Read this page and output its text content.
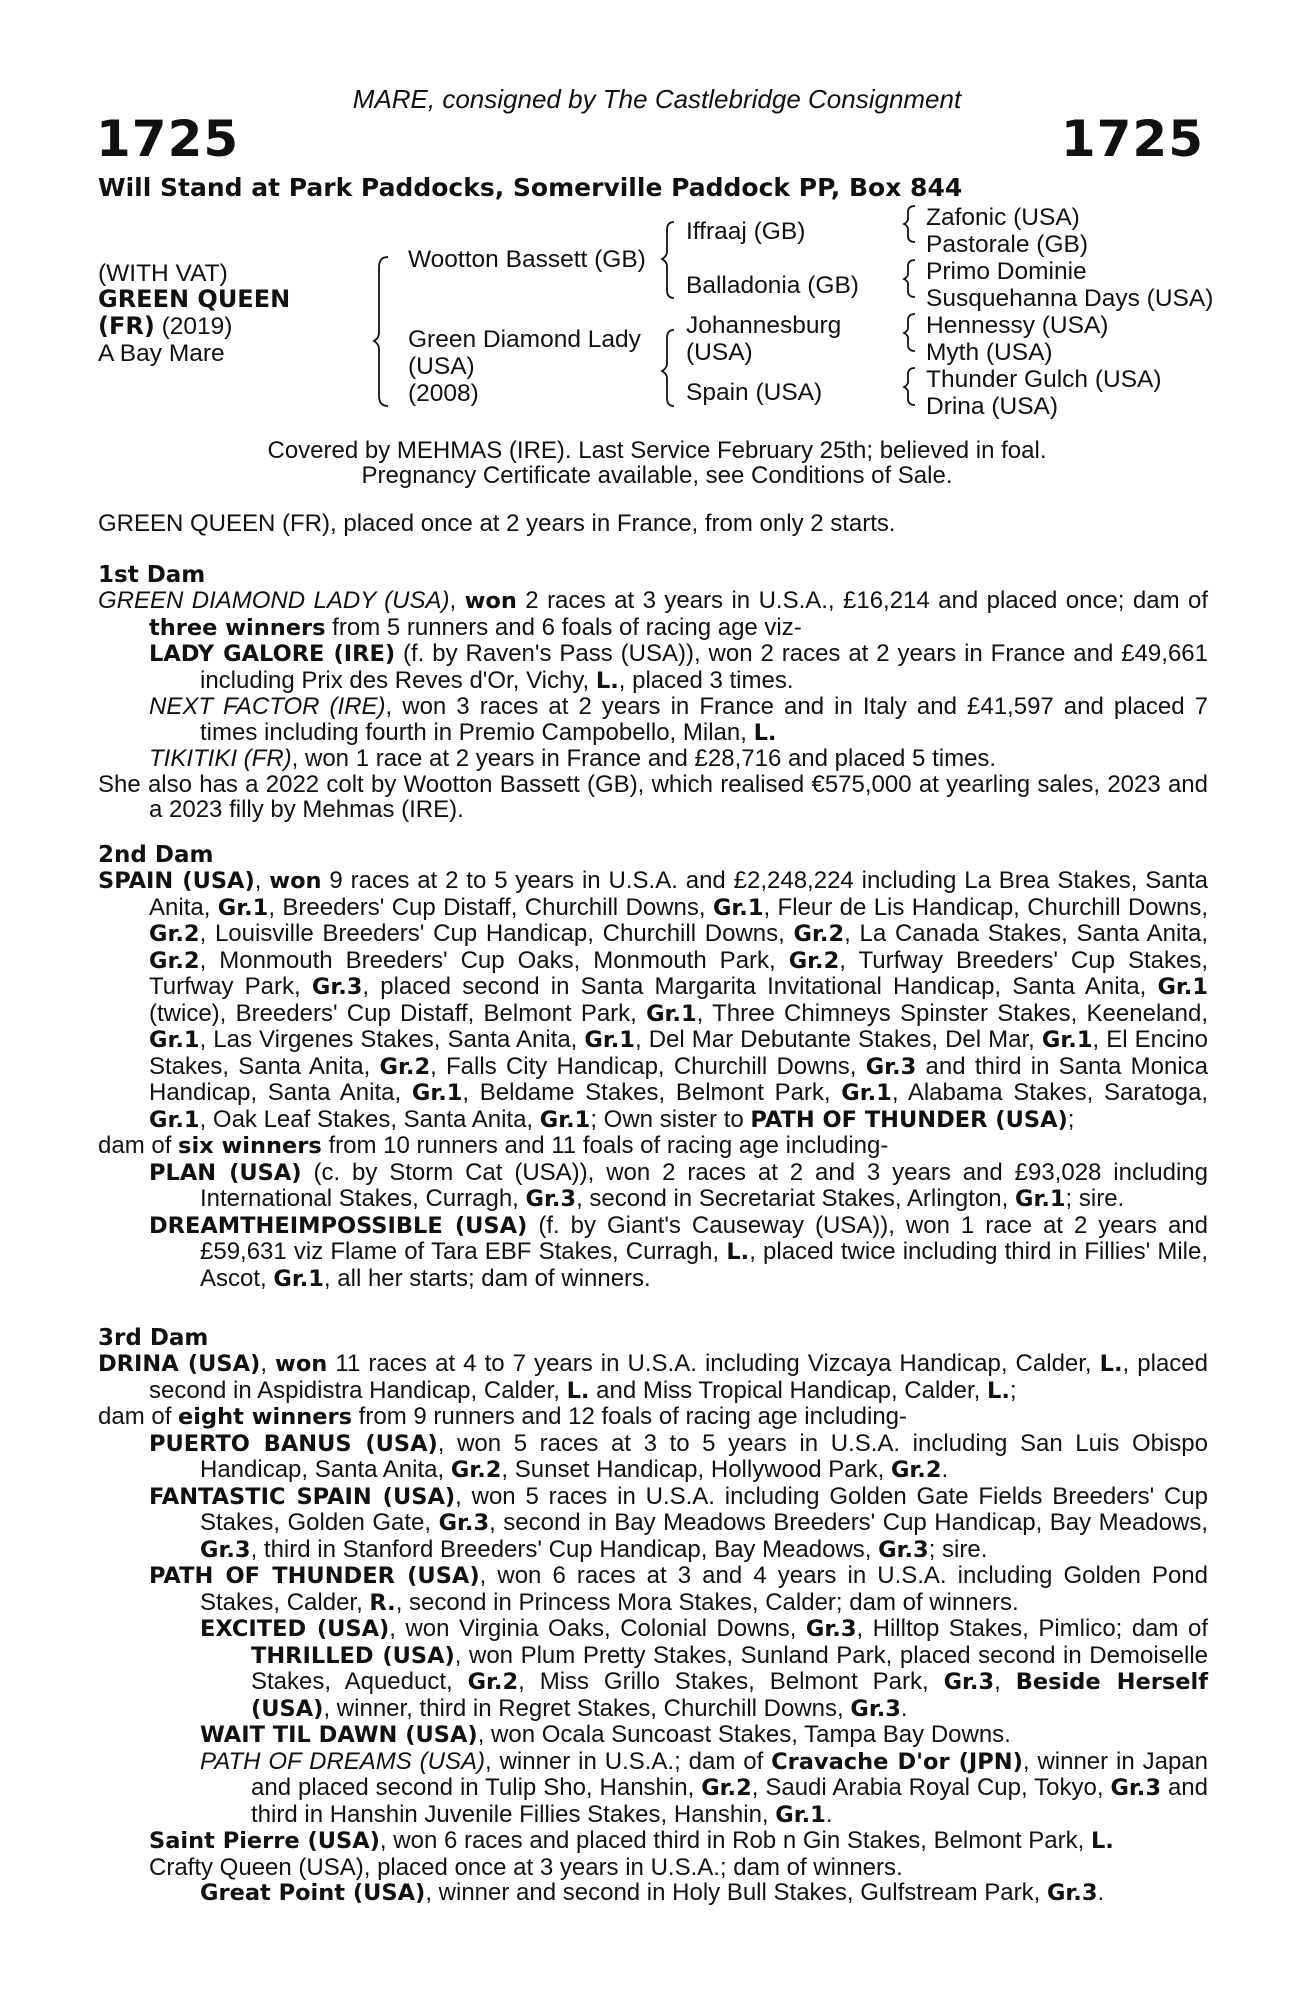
MARE, consigned by The Castlebridge Consignment
1725	1725
Will Stand at Park Paddocks, Somerville Paddock PP, Box 844
(WITH VAT)
GREEN QUEEN
(FR) (2019)
A Bay Mare
Wootton Bassett (GB)
Green Diamond Lady
(USA)
(2008)
Iffraaj (GB)
Balladonia (GB)
Johannesburg
(USA)
Spain (USA)
Zafonic (USA)
Pastorale (GB)
Primo Dominie
Susquehanna Days (USA)
Hennessy (USA)
Myth (USA)
Thunder Gulch (USA)
Drina (USA)
Covered by MEHMAS (IRE). Last Service February 25th; believed in foal.
Pregnancy Certificate available, see Conditions of Sale.
GREEN QUEEN (FR), placed once at 2 years in France, from only 2 starts.
1st Dam
GREEN DIAMOND LADY (USA), won 2 races at 3 years in U.S.A., £16,214 and placed once; dam of three winners from 5 runners and 6 foals of racing age viz-
LADY GALORE (IRE) (f. by Raven's Pass (USA)), won 2 races at 2 years in France and £49,661 including Prix des Reves d'Or, Vichy, L., placed 3 times.
NEXT FACTOR (IRE), won 3 races at 2 years in France and in Italy and £41,597 and placed 7 times including fourth in Premio Campobello, Milan, L.
TIKITIKI (FR), won 1 race at 2 years in France and £28,716 and placed 5 times.
She also has a 2022 colt by Wootton Bassett (GB), which realised €575,000 at yearling sales, 2023 and a 2023 filly by Mehmas (IRE).
2nd Dam
SPAIN (USA), won 9 races at 2 to 5 years in U.S.A. and £2,248,224 including La Brea Stakes, Santa Anita, Gr.1, Breeders' Cup Distaff, Churchill Downs, Gr.1, Fleur de Lis Handicap, Churchill Downs, Gr.2, Louisville Breeders' Cup Handicap, Churchill Downs, Gr.2, La Canada Stakes, Santa Anita, Gr.2, Monmouth Breeders' Cup Oaks, Monmouth Park, Gr.2, Turfway Breeders' Cup Stakes, Turfway Park, Gr.3, placed second in Santa Margarita Invitational Handicap, Santa Anita, Gr.1 (twice), Breeders' Cup Distaff, Belmont Park, Gr.1, Three Chimneys Spinster Stakes, Keeneland, Gr.1, Las Virgenes Stakes, Santa Anita, Gr.1, Del Mar Debutante Stakes, Del Mar, Gr.1, El Encino Stakes, Santa Anita, Gr.2, Falls City Handicap, Churchill Downs, Gr.3 and third in Santa Monica Handicap, Santa Anita, Gr.1, Beldame Stakes, Belmont Park, Gr.1, Alabama Stakes, Saratoga, Gr.1, Oak Leaf Stakes, Santa Anita, Gr.1; Own sister to PATH OF THUNDER (USA);
dam of six winners from 10 runners and 11 foals of racing age including-
PLAN (USA) (c. by Storm Cat (USA)), won 2 races at 2 and 3 years and £93,028 including International Stakes, Curragh, Gr.3, second in Secretariat Stakes, Arlington, Gr.1; sire.
DREAMTHEIMPOSSIBLE (USA) (f. by Giant's Causeway (USA)), won 1 race at 2 years and £59,631 viz Flame of Tara EBF Stakes, Curragh, L., placed twice including third in Fillies' Mile, Ascot, Gr.1, all her starts; dam of winners.
3rd Dam
DRINA (USA), won 11 races at 4 to 7 years in U.S.A. including Vizcaya Handicap, Calder, L., placed second in Aspidistra Handicap, Calder, L. and Miss Tropical Handicap, Calder, L.;
dam of eight winners from 9 runners and 12 foals of racing age including-
PUERTO BANUS (USA), won 5 races at 3 to 5 years in U.S.A. including San Luis Obispo Handicap, Santa Anita, Gr.2, Sunset Handicap, Hollywood Park, Gr.2.
FANTASTIC SPAIN (USA), won 5 races in U.S.A. including Golden Gate Fields Breeders' Cup Stakes, Golden Gate, Gr.3, second in Bay Meadows Breeders' Cup Handicap, Bay Meadows, Gr.3, third in Stanford Breeders' Cup Handicap, Bay Meadows, Gr.3; sire.
PATH OF THUNDER (USA), won 6 races at 3 and 4 years in U.S.A. including Golden Pond Stakes, Calder, R., second in Princess Mora Stakes, Calder; dam of winners.
EXCITED (USA), won Virginia Oaks, Colonial Downs, Gr.3, Hilltop Stakes, Pimlico; dam of THRILLED (USA), won Plum Pretty Stakes, Sunland Park, placed second in Demoiselle Stakes, Aqueduct, Gr.2, Miss Grillo Stakes, Belmont Park, Gr.3, Beside Herself (USA), winner, third in Regret Stakes, Churchill Downs, Gr.3.
WAIT TIL DAWN (USA), won Ocala Suncoast Stakes, Tampa Bay Downs.
PATH OF DREAMS (USA), winner in U.S.A.; dam of Cravache D'or (JPN), winner in Japan and placed second in Tulip Sho, Hanshin, Gr.2, Saudi Arabia Royal Cup, Tokyo, Gr.3 and third in Hanshin Juvenile Fillies Stakes, Hanshin, Gr.1.
Saint Pierre (USA), won 6 races and placed third in Rob n Gin Stakes, Belmont Park, L.
Crafty Queen (USA), placed once at 3 years in U.S.A.; dam of winners.
Great Point (USA), winner and second in Holy Bull Stakes, Gulfstream Park, Gr.3.
